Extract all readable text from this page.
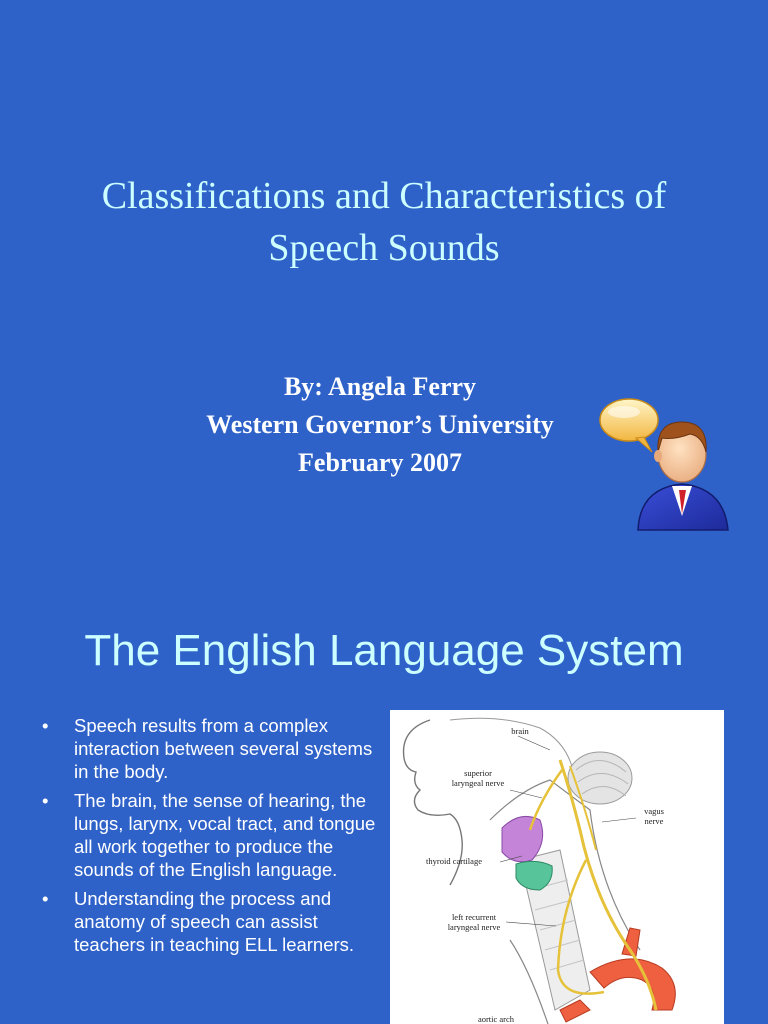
Classifications and Characteristics of
Speech Sounds
By: Angela Ferry
Western Governor’s University
February 2007
The English Language System
• Speech results from a complex interaction between several systems in the body.
• The brain, the sense of hearing, the lungs, larynx, vocal tract, and tongue all work together to produce the sounds of the English language.
• Understanding the process and anatomy of speech can assist teachers in teaching ELL learners.
brain
superior laryngeal nerve
vagus nerve
thyroid cartilage
left recurrent laryngeal nerve
aortic arch
